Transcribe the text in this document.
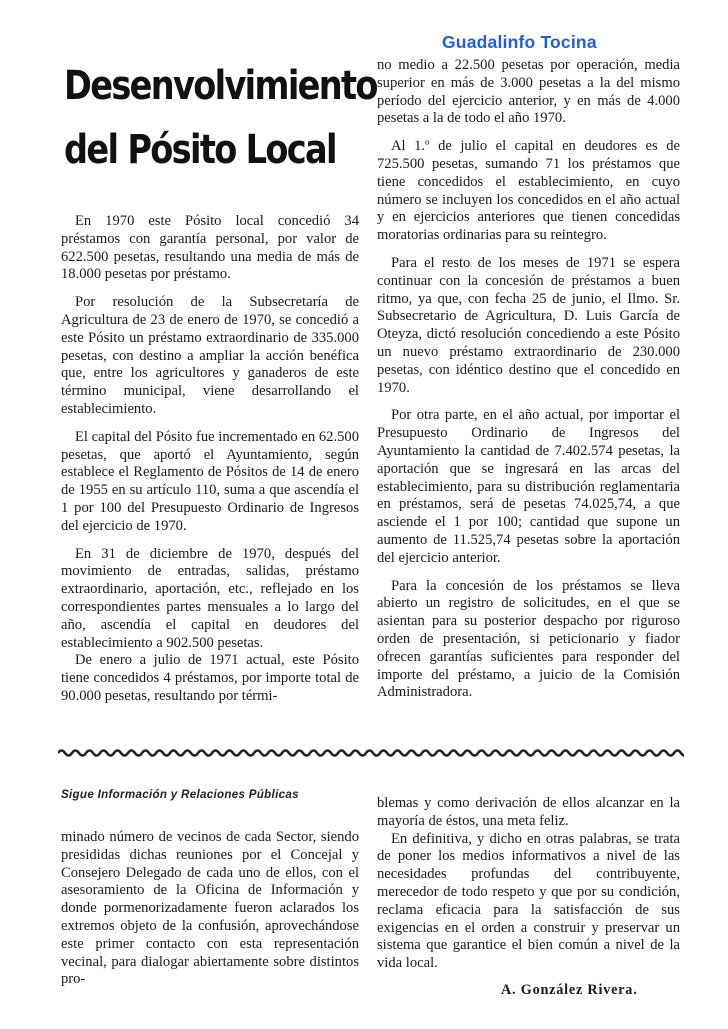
Guadalinfo Tocina
Desenvolvimiento
del Pósito Local

En 1970 este Pósito local concedió 34 préstamos con garantía personal, por valor de 622.500 pesetas, resultando una media de más de 18.000 pesetas por préstamo.

Por resolución de la Subsecretaría de Agricultura de 23 de enero de 1970, se concedió a este Pósito un préstamo extraordinario de 335.000 pesetas, con destino a ampliar la acción benéfica que, entre los agricultores y ganaderos de este término municipal, viene desarrollando el establecimiento.

El capital del Pósito fue incrementado en 62.500 pesetas, que aportó el Ayuntamiento, según establece el Reglamento de Pósitos de 14 de enero de 1955 en su artículo 110, suma a que ascendía el 1 por 100 del Presupuesto Ordinario de Ingresos del ejercicio de 1970.

En 31 de diciembre de 1970, después del movimiento de entradas, salidas, préstamo extraordinario, aportación, etc., reflejado en los correspondientes partes mensuales a lo largo del año, ascendía el capital en deudores del establecimiento a 902.500 pesetas.

De enero a julio de 1971 actual, este Pósito tiene concedidos 4 préstamos, por importe total de 90.000 pesetas, resultando por térmi-

no medio a 22.500 pesetas por operación, media superior en más de 3.000 pesetas a la del mismo período del ejercicio anterior, y en más de 4.000 pesetas a la de todo el año 1970.

Al 1.º de julio el capital en deudores es de 725.500 pesetas, sumando 71 los préstamos que tiene concedidos el establecimiento, en cuyo número se incluyen los concedidos en el año actual y en ejercicios anteriores que tienen concedidas moratorias ordinarias para su reintegro.

Para el resto de los meses de 1971 se espera continuar con la concesión de préstamos a buen ritmo, ya que, con fecha 25 de junio, el Ilmo. Sr. Subsecretario de Agricultura, D. Luis García de Oteyza, dictó resolución concediendo a este Pósito un nuevo préstamo extraordinario de 230.000 pesetas, con idéntico destino que el concedido en 1970.

Por otra parte, en el año actual, por importar el Presupuesto Ordinario de Ingresos del Ayuntamiento la cantidad de 7.402.574 pesetas, la aportación que se ingresará en las arcas del establecimiento, para su distribución reglamentaria en préstamos, será de pesetas 74.025,74, a que asciende el 1 por 100; cantidad que supone un aumento de 11.525,74 pesetas sobre la aportación del ejercicio anterior.

Para la concesión de los préstamos se lleva abierto un registro de solicitudes, en el que se asientan para su posterior despacho por riguroso orden de presentación, si peticionario y fiador ofrecen garantías suficientes para responder del importe del préstamo, a juicio de la Comisión Administradora.

Sigue Información y Relaciones Públicas

minado número de vecinos de cada Sector, siendo presididas dichas reuniones por el Concejal y Consejero Delegado de cada uno de ellos, con el asesoramiento de la Oficina de Información y donde pormenorizadamente fueron aclarados los extremos objeto de la confusión, aprovechándose este primer contacto con esta representación vecinal, para dialogar abiertamente sobre distintos pro-

blemas y como derivación de ellos alcanzar en la mayoría de éstos, una meta feliz.

En definitiva, y dicho en otras palabras, se trata de poner los medios informativos a nivel de las necesidades profundas del contribuyente, merecedor de todo respeto y que por su condición, reclama eficacia para la satisfacción de sus exigencias en el orden a construir y preservar un sistema que garantice el bien común a nivel de la vida local.

A. González Rivera.
